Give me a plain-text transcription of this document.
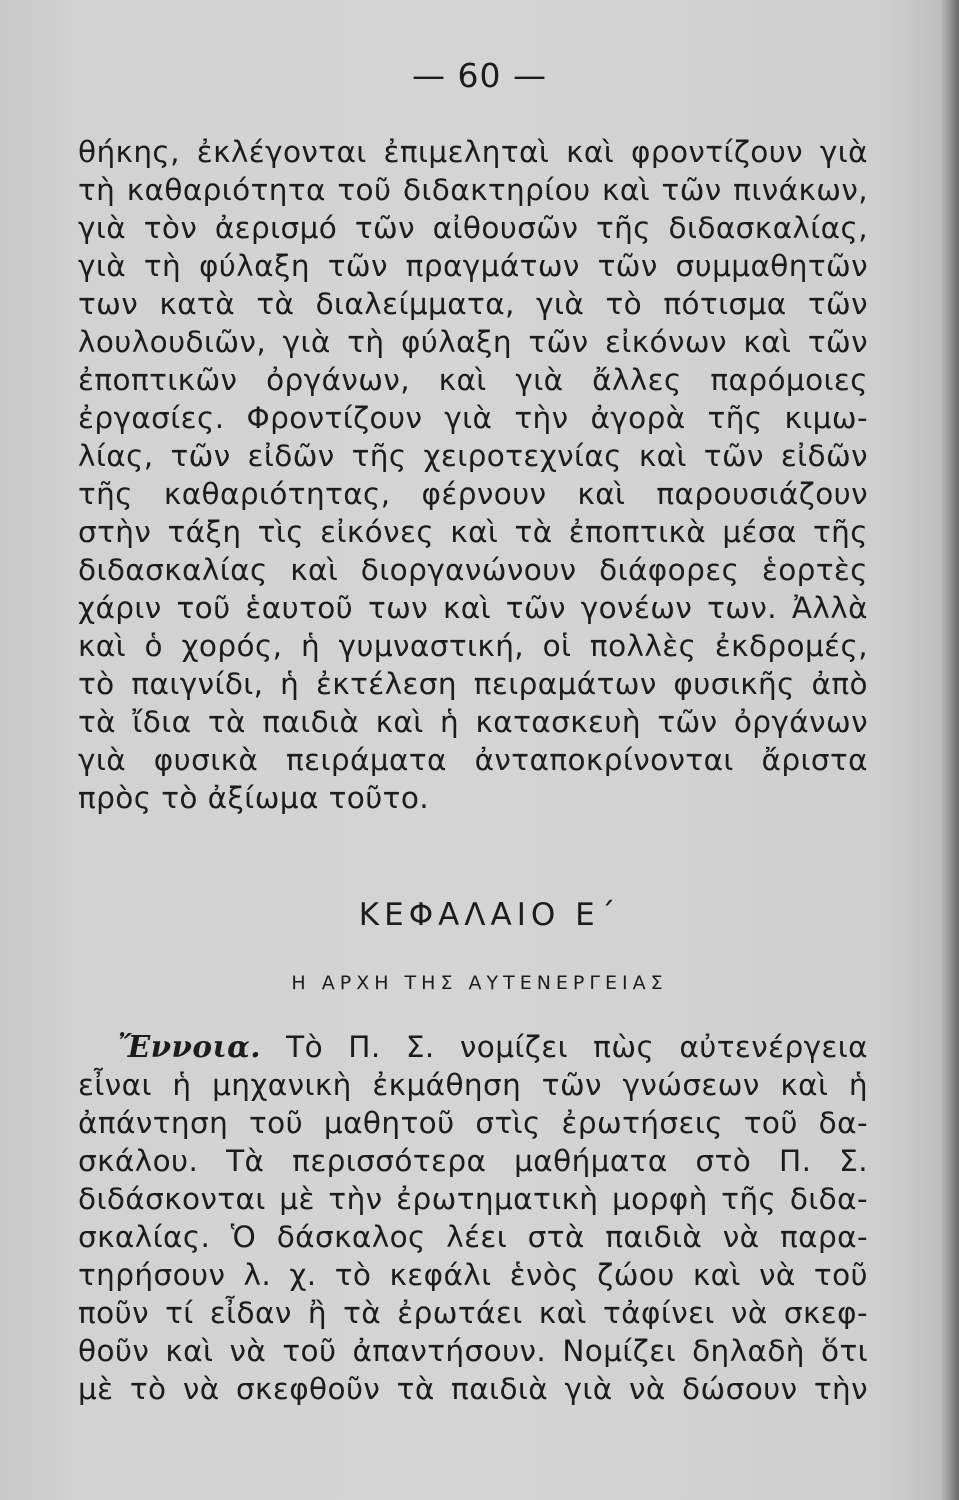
— 60 —
θήκης, ἐκλέγονται ἐπιμεληταὶ καὶ φροντίζουν γιὰ
τὴ καθαριότητα τοῦ διδακτηρίου καὶ τῶν πινάκων,
γιὰ τὸν ἀερισμό τῶν αἰθουσῶν τῆς διδασκαλίας,
γιὰ τὴ φύλαξη τῶν πραγμάτων τῶν συμμαθητῶν
των κατὰ τὰ διαλείμματα, γιὰ τὸ πότισμα τῶν
λουλουδιῶν, γιὰ τὴ φύλαξη τῶν εἰκόνων καὶ τῶν
ἐποπτικῶν ὀργάνων, καὶ γιὰ ἄλλες παρόμοιες
ἐργασίες. Φροντίζουν γιὰ τὴν ἀγορὰ τῆς κιμω-
λίας, τῶν εἰδῶν τῆς χειροτεχνίας καὶ τῶν εἰδῶν
τῆς καθαριότητας, φέρνουν καὶ παρουσιάζουν
στὴν τάξη τὶς εἰκόνες καὶ τὰ ἐποπτικὰ μέσα τῆς
διδασκαλίας καὶ διοργανώνουν διάφορες ἑορτὲς
χάριν τοῦ ἑαυτοῦ των καὶ τῶν γονέων των. Ἀλλὰ
καὶ ὁ χορός, ἡ γυμναστική, οἱ πολλὲς ἐκδρομές,
τὸ παιγνίδι, ἡ ἐκτέλεση πειραμάτων φυσικῆς ἀπὸ
τὰ ἴδια τὰ παιδιὰ καὶ ἡ κατασκευὴ τῶν ὀργάνων
γιὰ φυσικὰ πειράματα ἀνταποκρίνονται ἄριστα
πρὸς τὸ ἀξίωμα τοῦτο.
ΚΕΦΑΛΑΙΟ Ε΄
Η ΑΡΧΗ ΤΗΣ ΑΥΤΕΝΕΡΓΕΙΑΣ
Ἔννοια. Τὸ Π. Σ. νομίζει πὼς αὐτενέργεια
εἶναι ἡ μηχανικὴ ἐκμάθηση τῶν γνώσεων καὶ ἡ
ἀπάντηση τοῦ μαθητοῦ στὶς ἐρωτήσεις τοῦ δα-
σκάλου. Τὰ περισσότερα μαθήματα στὸ Π. Σ.
διδάσκονται μὲ τὴν ἐρωτηματικὴ μορφὴ τῆς διδα-
σκαλίας. Ὁ δάσκαλος λέει στὰ παιδιὰ νὰ παρα-
τηρήσουν λ. χ. τὸ κεφάλι ἑνὸς ζώου καὶ νὰ τοῦ
ποῦν τί εἶδαν ἢ τὰ ἐρωτάει καὶ τἀφίνει νὰ σκεφ-
θοῦν καὶ νὰ τοῦ ἀπαντήσουν. Νομίζει δηλαδὴ ὅτι
μὲ τὸ νὰ σκεφθοῦν τὰ παιδιὰ γιὰ νὰ δώσουν τὴν
